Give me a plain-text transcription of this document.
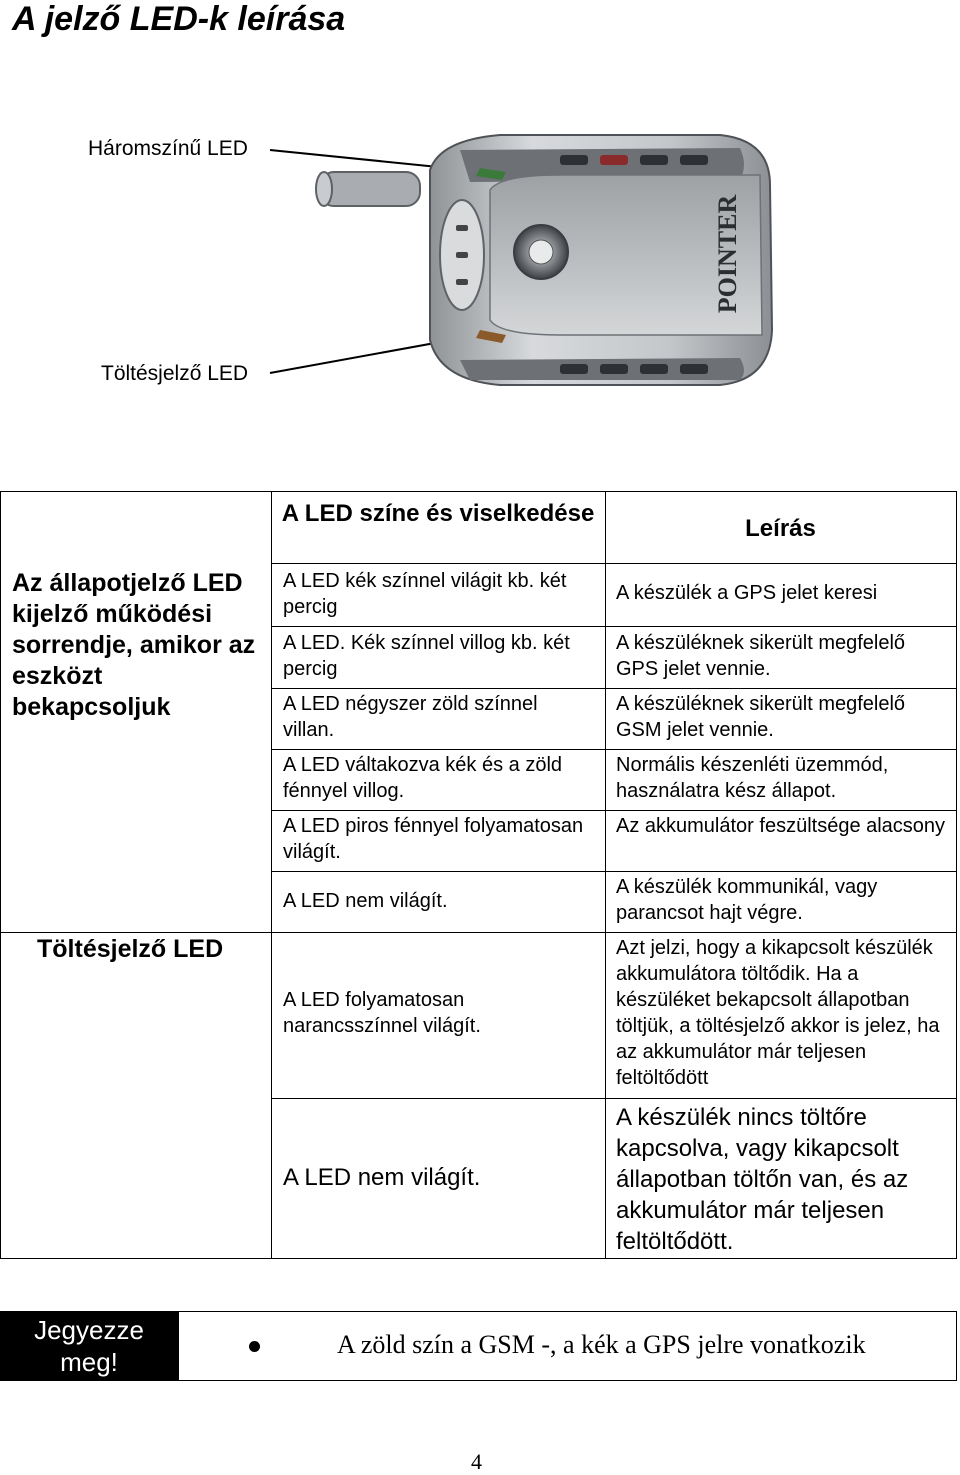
A jelző LED-k leírása
Háromszínű LED
Töltésjelző LED
POINTER
A LED színe és viselkedése
Leírás
Az állapotjelző LED kijelző működési sorrendje, amikor az eszközt bekapcsoljuk
Töltésjelző LED
A LED kék színnel világit kb. két percig
A készülék a GPS jelet keresi
A LED. Kék színnel villog kb. két percig
A készüléknek sikerült megfelelő GPS jelet vennie.
A LED négyszer zöld színnel villan.
A készüléknek sikerült megfelelő GSM jelet vennie.
A LED váltakozva kék és a zöld fénnyel villog.
Normális készenléti üzemmód, használatra kész állapot.
A LED piros fénnyel folyamatosan világít.
Az akkumulátor feszültsége alacsony
A LED nem világít.
A készülék kommunikál, vagy parancsot hajt végre.
A LED folyamatosan narancsszínnel világít.
Azt jelzi, hogy a kikapcsolt készülék akkumulátora töltődik. Ha a készüléket bekapcsolt állapotban töltjük, a töltésjelző akkor is jelez, ha az akkumulátor már teljesen feltöltődött
A LED nem világít.
A készülék nincs töltőre kapcsolva, vagy kikapcsolt állapotban töltőn van, és az akkumulátor már teljesen feltöltődött.
Jegyezze meg!
A zöld szín a GSM -, a kék a GPS jelre vonatkozik
4
